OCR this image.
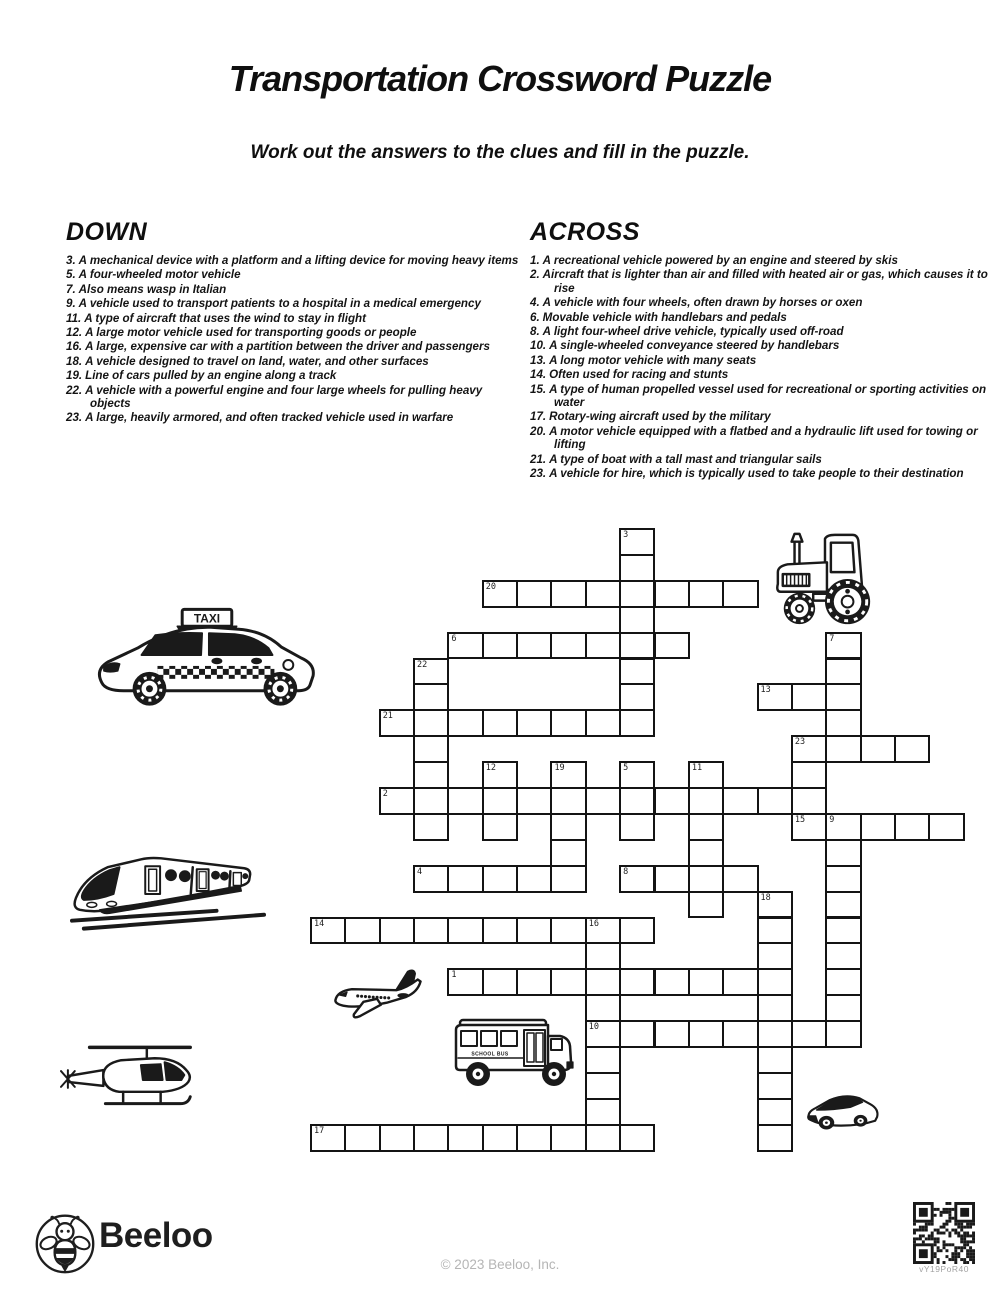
Transportation Crossword Puzzle
Work out the answers to the clues and fill in the puzzle.
DOWN
3. A mechanical device with a platform and a lifting device for moving heavy items
5. A four-wheeled motor vehicle
7. Also means wasp in Italian
9. A vehicle used to transport patients to a hospital in a medical emergency
11. A type of aircraft that uses the wind to stay in flight
12. A large motor vehicle used for transporting goods or people
16. A large, expensive car with a partition between the driver and passengers
18. A vehicle designed to travel on land, water, and other surfaces
19. Line of cars pulled by an engine along a track
22. A vehicle with a powerful engine and four large wheels for pulling heavy objects
23. A large, heavily armored, and often tracked vehicle used in warfare
ACROSS
1. A recreational vehicle powered by an engine and steered by skis
2. Aircraft that is lighter than air and filled with heated air or gas, which causes it to rise
4. A vehicle with four wheels, often drawn by horses or oxen
6. Movable vehicle with handlebars and pedals
8. A light four-wheel drive vehicle, typically used off-road
10. A single-wheeled conveyance steered by handlebars
13. A long motor vehicle with many seats
14. Often used for racing and stunts
15. A type of human propelled vessel used for recreational or sporting activities on water
17. Rotary-wing aircraft used by the military
20. A motor vehicle equipped with a flatbed and a hydraulic lift used for towing or lifting
21. A type of boat with a tall mast and triangular sails
23. A vehicle for hire, which is typically used to take people to their destination
20
6
13
21
23
2
15	9
4	8
14	16
1
10
17
3
7
22
12	19	5	11
18
TAXI
SCHOOL BUS
Beeloo
© 2023 Beeloo, Inc.	vY19PoR40
